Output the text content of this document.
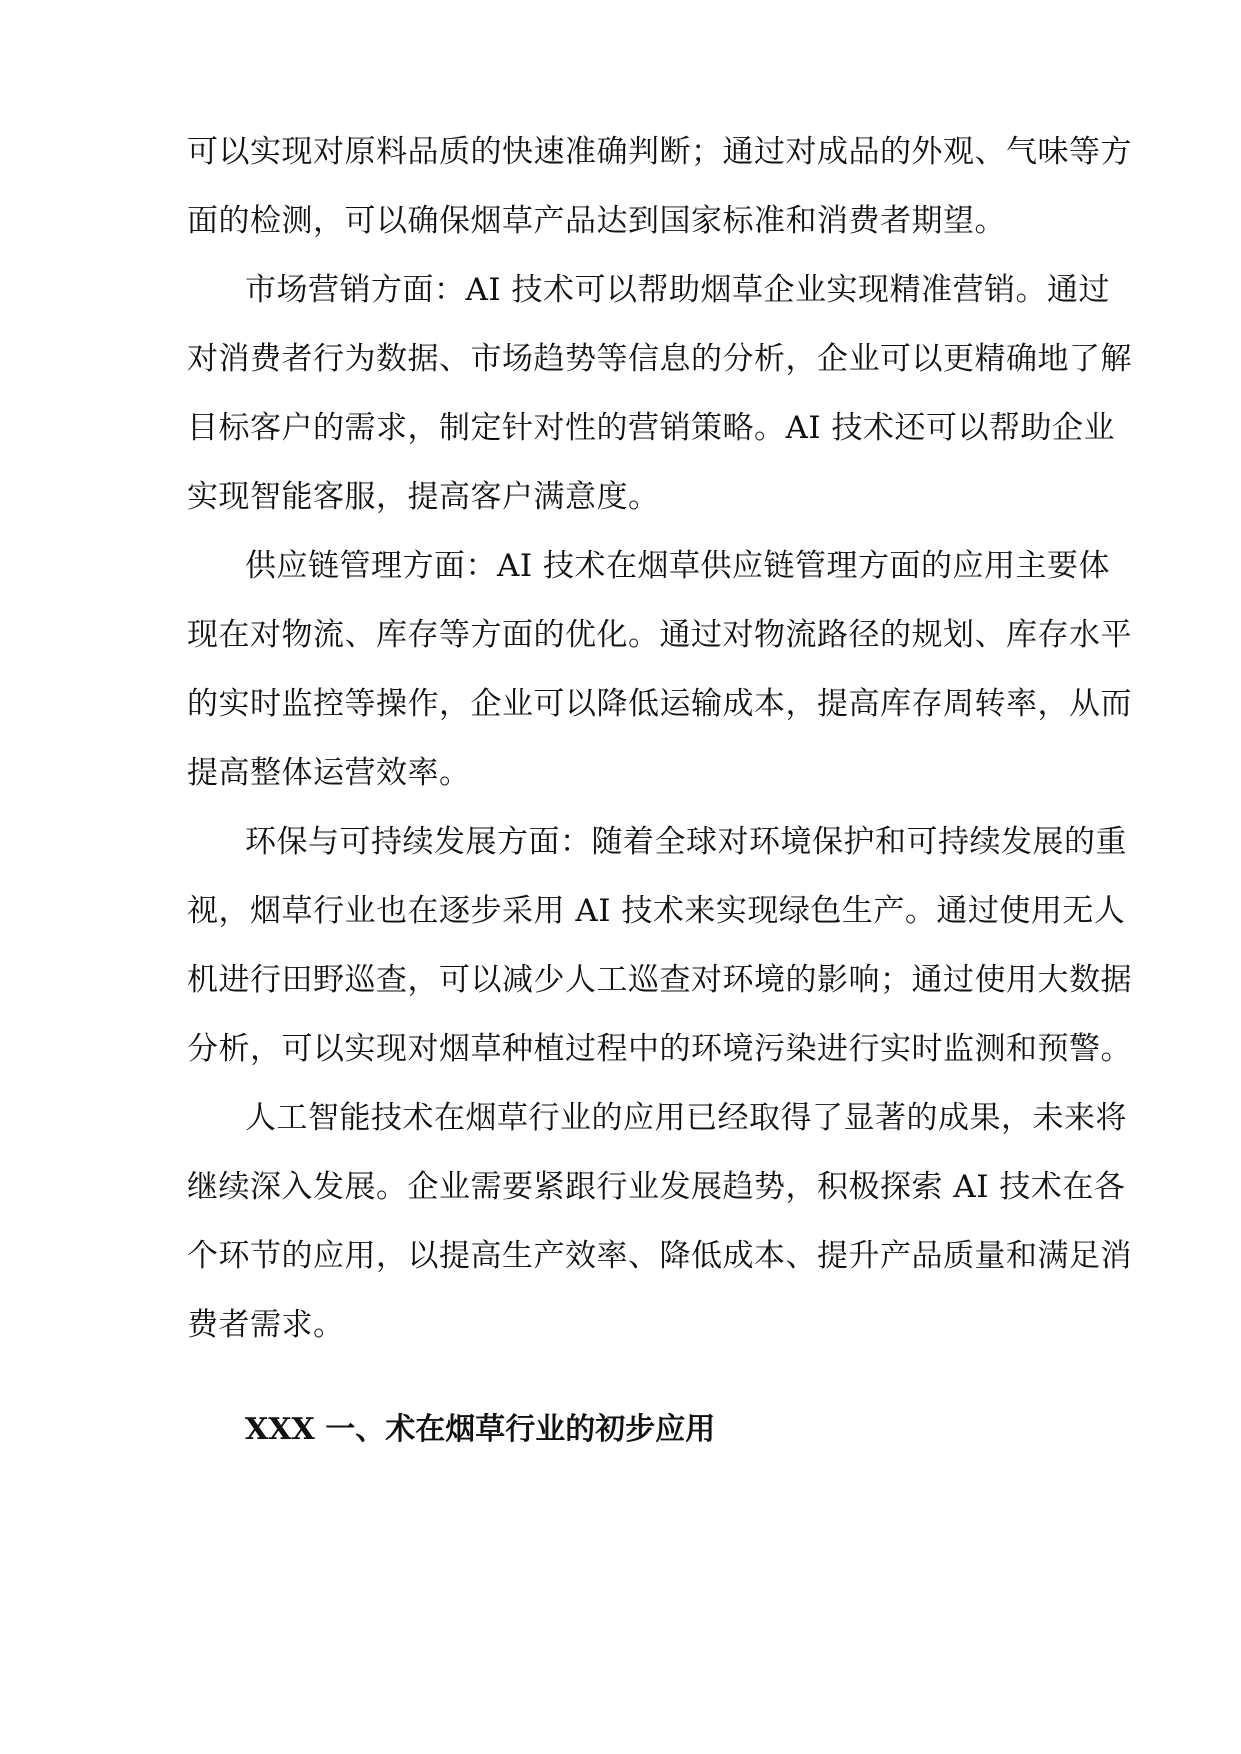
可以实现对原料品质的快速准确判断；通过对成品的外观、气味等方
面的检测，可以确保烟草产品达到国家标准和消费者期望。
市场营销方面：AI 技术可以帮助烟草企业实现精准营销。通过
对消费者行为数据、市场趋势等信息的分析，企业可以更精确地了解
目标客户的需求，制定针对性的营销策略。AI 技术还可以帮助企业
实现智能客服，提高客户满意度。
供应链管理方面：AI 技术在烟草供应链管理方面的应用主要体
现在对物流、库存等方面的优化。通过对物流路径的规划、库存水平
的实时监控等操作，企业可以降低运输成本，提高库存周转率，从而
提高整体运营效率。
环保与可持续发展方面：随着全球对环境保护和可持续发展的重
视，烟草行业也在逐步采用 AI 技术来实现绿色生产。通过使用无人
机进行田野巡查，可以减少人工巡查对环境的影响；通过使用大数据
分析，可以实现对烟草种植过程中的环境污染进行实时监测和预警。
人工智能技术在烟草行业的应用已经取得了显著的成果，未来将
继续深入发展。企业需要紧跟行业发展趋势，积极探索 AI 技术在各
个环节的应用，以提高生产效率、降低成本、提升产品质量和满足消
费者需求。
XXX 一、术在烟草行业的初步应用
